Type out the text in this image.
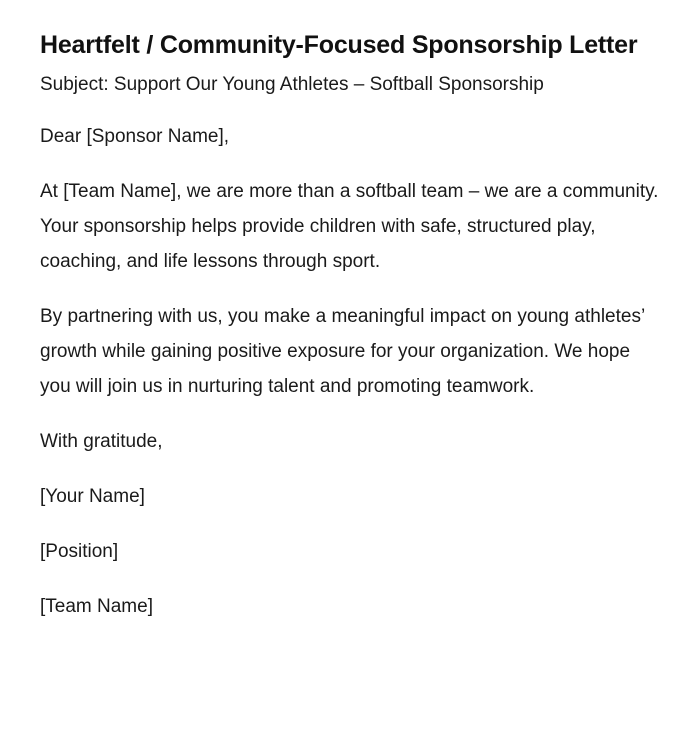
Heartfelt / Community-Focused Sponsorship Letter

Subject: Support Our Young Athletes – Softball Sponsorship

Dear [Sponsor Name],

At [Team Name], we are more than a softball team – we are a community. Your sponsorship helps provide children with safe, structured play, coaching, and life lessons through sport.

By partnering with us, you make a meaningful impact on young athletes’ growth while gaining positive exposure for your organization. We hope you will join us in nurturing talent and promoting teamwork.

With gratitude,

[Your Name]

[Position]

[Team Name]
